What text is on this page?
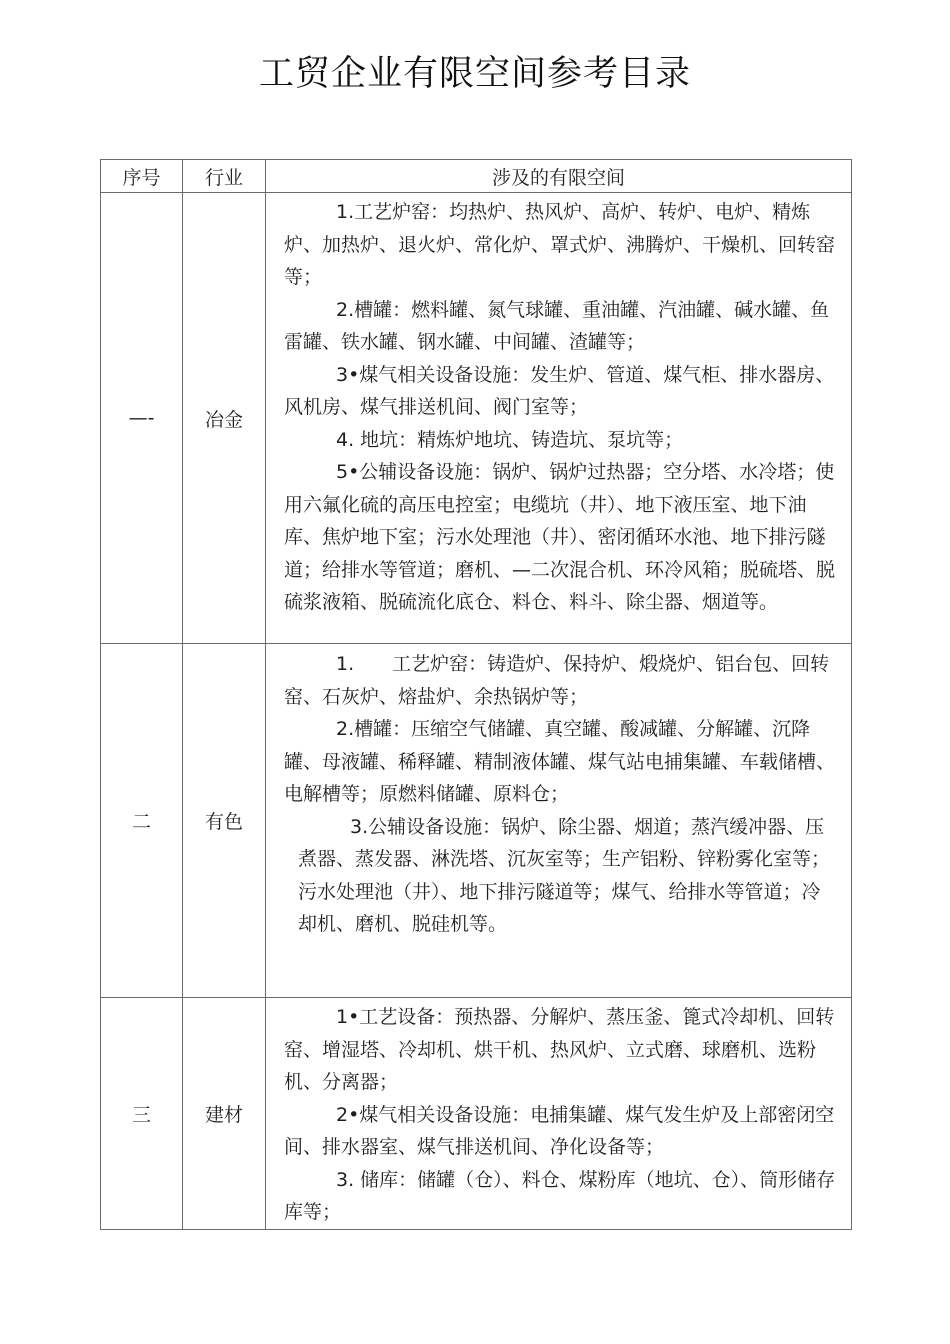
工贸企业有限空间参考目录
序号	行业	涉及的有限空间
—-	冶金	1.工艺炉窑：均热炉、热风炉、高炉、转炉、电炉、精炼炉、加热炉、退火炉、常化炉、罩式炉、沸腾炉、干燥机、回转窑等；
2.槽罐：燃料罐、氮气球罐、重油罐、汽油罐、碱水罐、鱼雷罐、铁水罐、钢水罐、中间罐、渣罐等；
3•煤气相关设备设施：发生炉、管道、煤气柜、排水器房、风机房、煤气排送机间、阀门室等；
4. 地坑：精炼炉地坑、铸造坑、泵坑等；
5•公辅设备设施：锅炉、锅炉过热器；空分塔、水冷塔；使用六氟化硫的高压电控室；电缆坑（井）、地下液压室、地下油库、焦炉地下室；污水处理池（井）、密闭循环水池、地下排污隧道；给排水等管道；磨机、—二次混合机、环冷风箱；脱硫塔、脱硫浆液箱、脱硫流化底仓、料仓、料斗、除尘器、烟道等。

二	有色	1.　　工艺炉窑：铸造炉、保持炉、煅烧炉、铝台包、回转窑、石灰炉、熔盐炉、余热锅炉等；
2.槽罐：压缩空气储罐、真空罐、酸减罐、分解罐、沉降罐、母液罐、稀释罐、精制液体罐、煤气站电捕集罐、车载储槽、电解槽等；原燃料储罐、原料仓；
3.公辅设备设施：锅炉、除尘器、烟道；蒸汽缓冲器、压煮器、蒸发器、淋洗塔、沉灰室等；生产铝粉、锌粉雾化室等；污水处理池（井）、地下排污隧道等；煤气、给排水等管道；冷却机、磨机、脱硅机等。

三	建材	1•工艺设备：预热器、分解炉、蒸压釜、篦式冷却机、回转窑、增湿塔、冷却机、烘干机、热风炉、立式磨、球磨机、选粉机、分离器；
2•煤气相关设备设施：电捕集罐、煤气发生炉及上部密闭空间、排水器室、煤气排送机间、净化设备等；
3. 储库：储罐（仓）、料仓、煤粉库（地坑、仓）、筒形储存库等；
